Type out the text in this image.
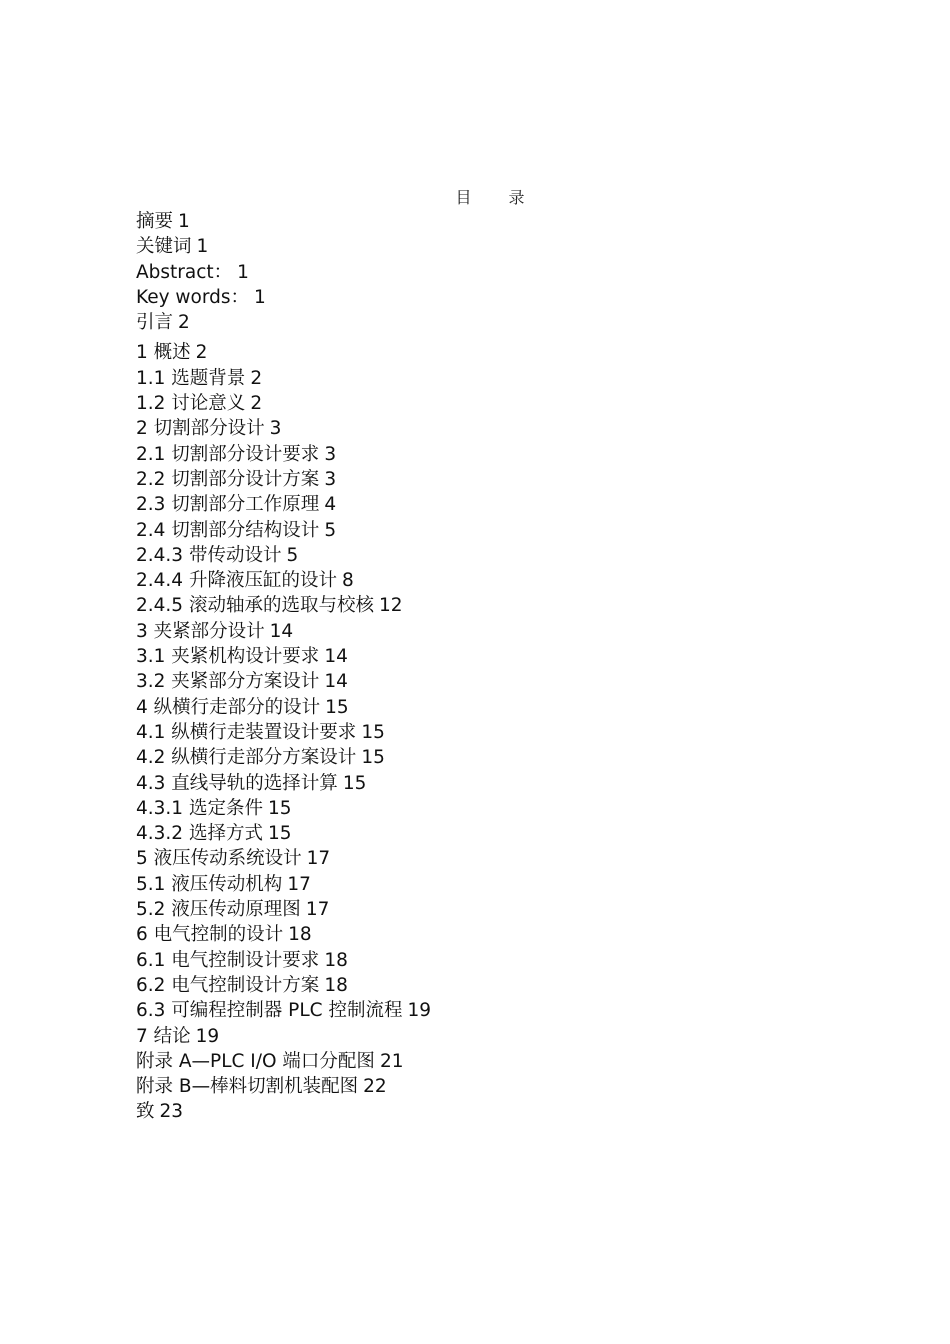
目 录
摘要 1
关键词 1
Abstract： 1
Key words： 1
引言 2
1 概述 2
1.1 选题背景 2
1.2 讨论意义 2
2 切割部分设计 3
2.1 切割部分设计要求 3
2.2 切割部分设计方案 3
2.3 切割部分工作原理 4
2.4 切割部分结构设计 5
2.4.3 带传动设计 5
2.4.4 升降液压缸的设计 8
2.4.5 滚动轴承的选取与校核 12
3 夹紧部分设计 14
3.1 夹紧机构设计要求 14
3.2 夹紧部分方案设计 14
4 纵横行走部分的设计 15
4.1 纵横行走装置设计要求 15
4.2 纵横行走部分方案设计 15
4.3 直线导轨的选择计算 15
4.3.1 选定条件 15
4.3.2 选择方式 15
5 液压传动系统设计 17
5.1 液压传动机构 17
5.2 液压传动原理图 17
6 电气控制的设计 18
6.1 电气控制设计要求 18
6.2 电气控制设计方案 18
6.3 可编程控制器 PLC 控制流程 19
7 结论 19
附录 A—PLC I/O 端口分配图 21
附录 B—棒料切割机装配图 22
致 23
